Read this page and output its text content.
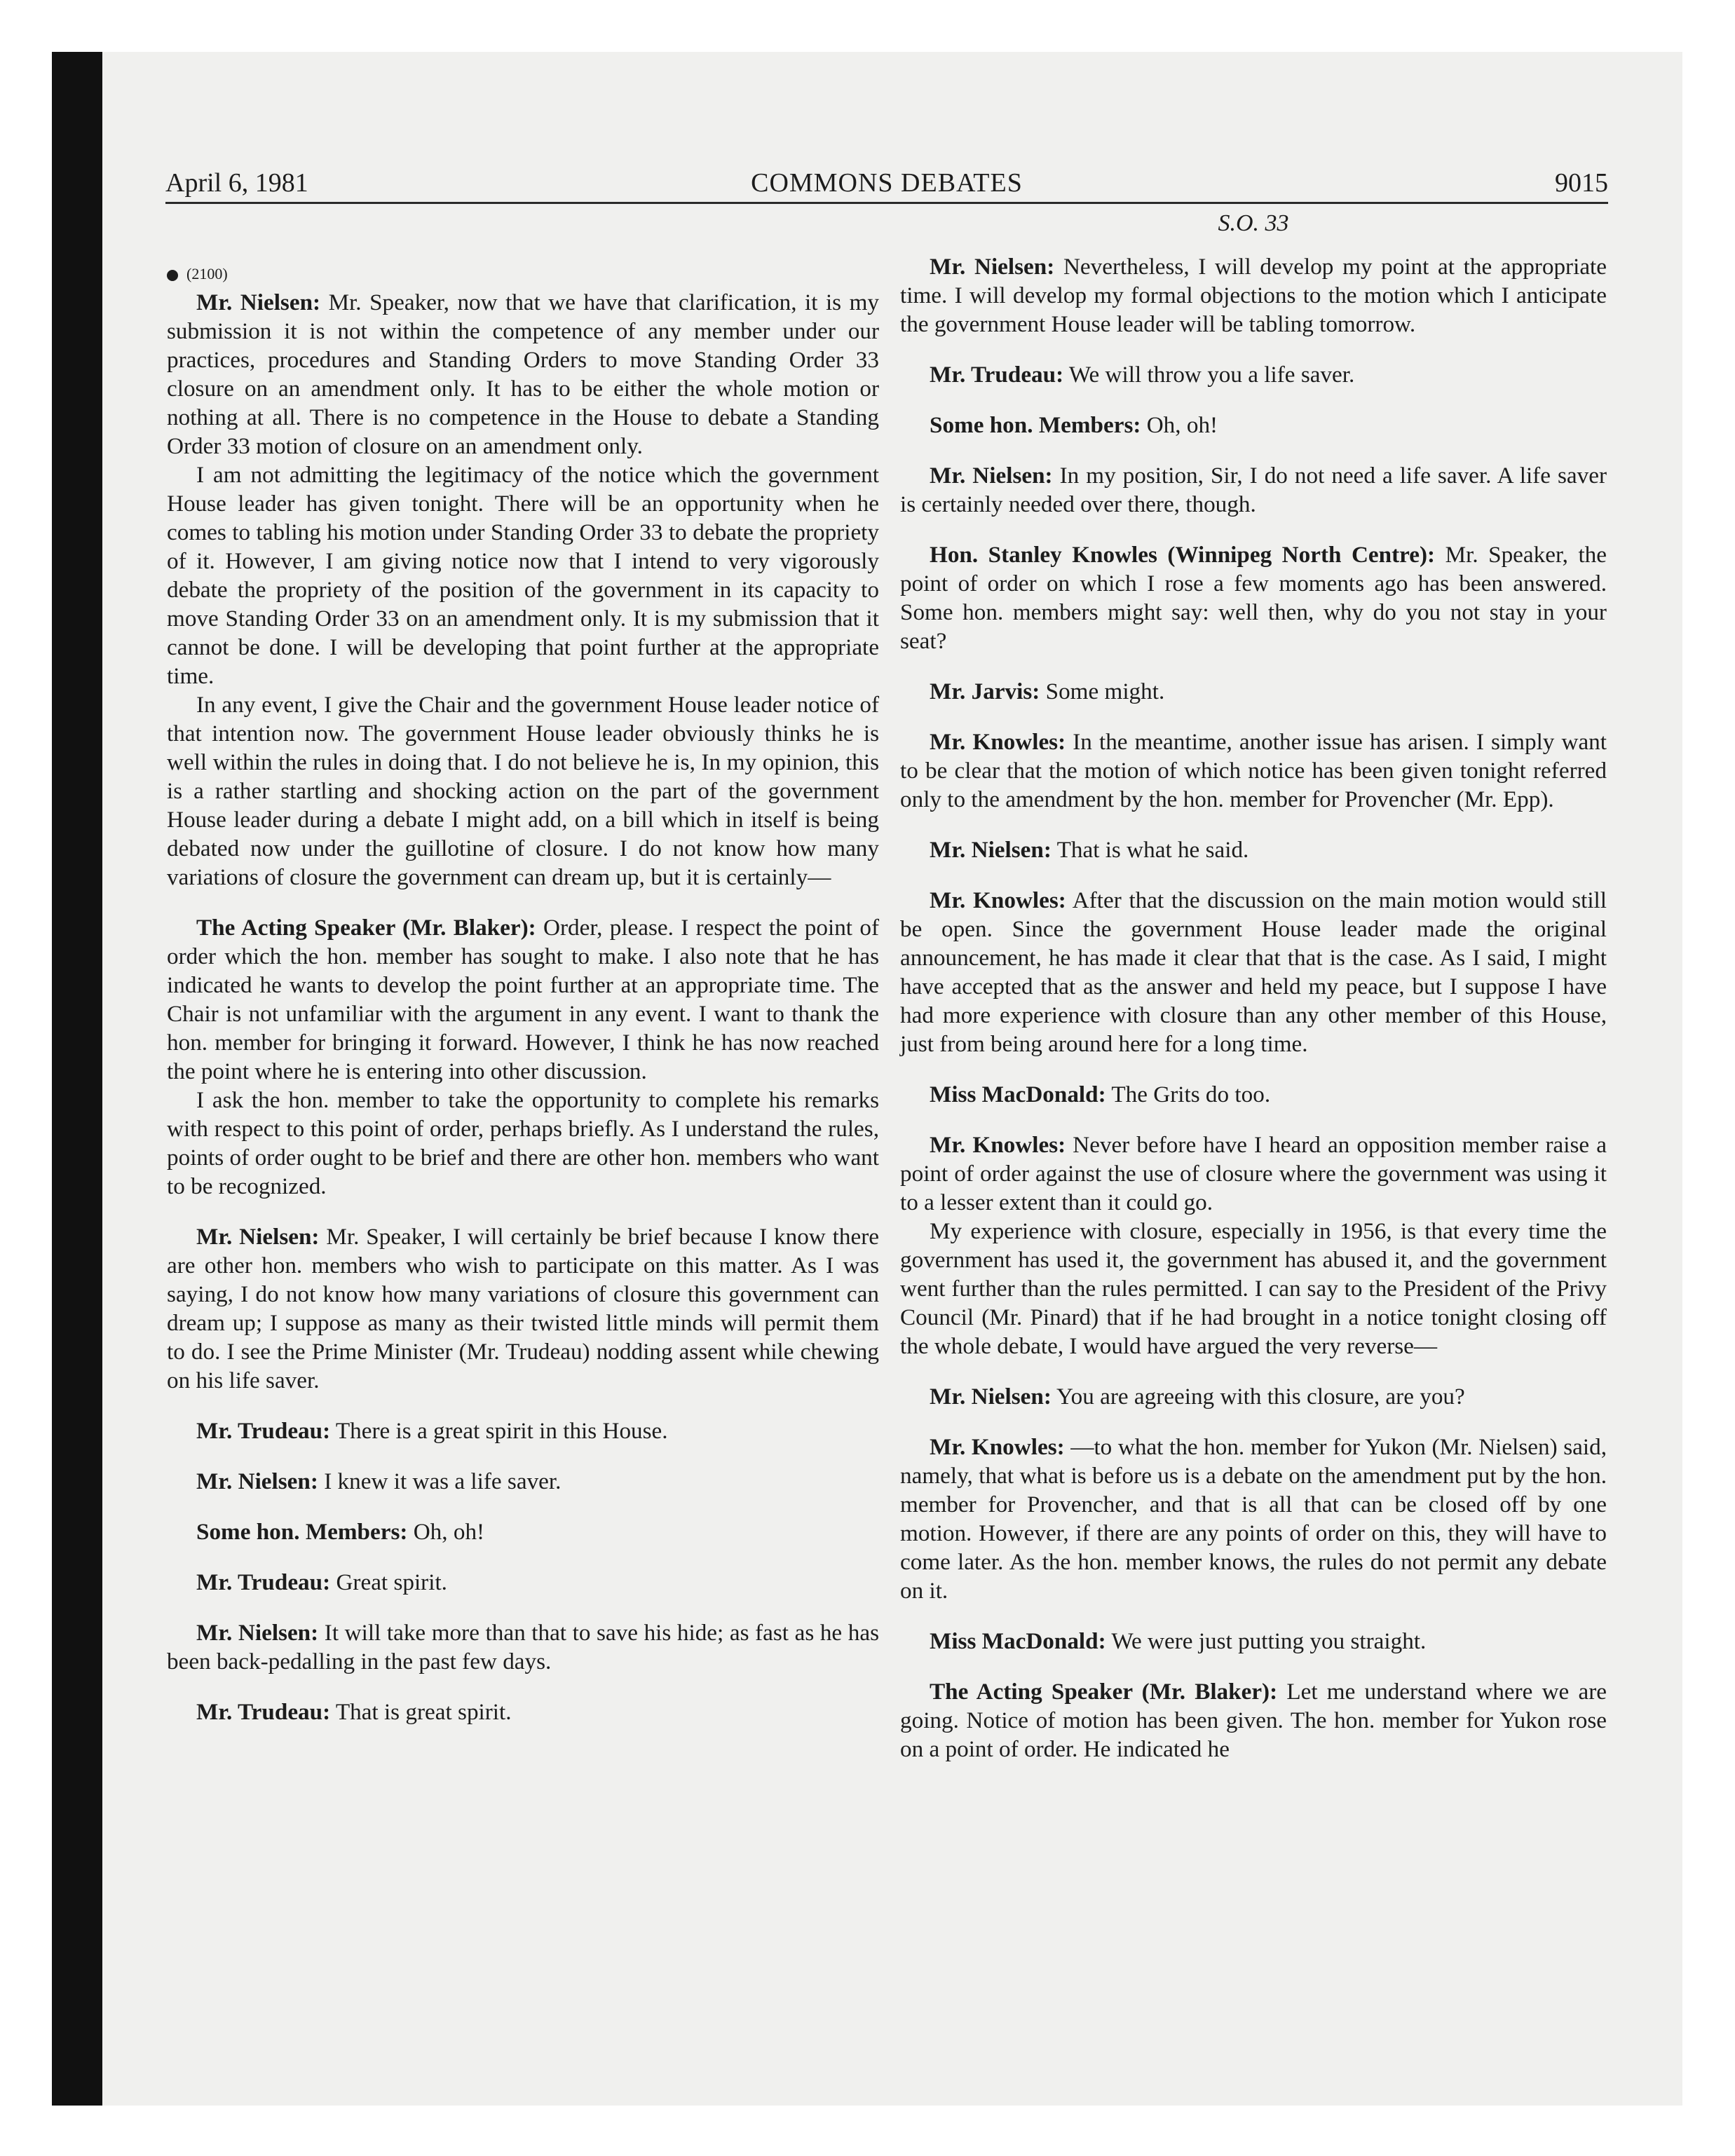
April 6, 1981	COMMONS DEBATES	9015
(2100)

Mr. Nielsen: Mr. Speaker, now that we have that clarification, it is my submission it is not within the competence of any member under our practices, procedures and Standing Orders to move Standing Order 33 closure on an amendment only. It has to be either the whole motion or nothing at all. There is no competence in the House to debate a Standing Order 33 motion of closure on an amendment only.

I am not admitting the legitimacy of the notice which the government House leader has given tonight. There will be an opportunity when he comes to tabling his motion under Standing Order 33 to debate the propriety of it. However, I am giving notice now that I intend to very vigorously debate the propriety of the position of the government in its capacity to move Standing Order 33 on an amendment only. It is my submission that it cannot be done. I will be developing that point further at the appropriate time.

In any event, I give the Chair and the government House leader notice of that intention now. The government House leader obviously thinks he is well within the rules in doing that. I do not believe he is, In my opinion, this is a rather startling and shocking action on the part of the government House leader during a debate I might add, on a bill which in itself is being debated now under the guillotine of closure. I do not know how many variations of closure the government can dream up, but it is certainly—

The Acting Speaker (Mr. Blaker): Order, please. I respect the point of order which the hon. member has sought to make. I also note that he has indicated he wants to develop the point further at an appropriate time. The Chair is not unfamiliar with the argument in any event. I want to thank the hon. member for bringing it forward. However, I think he has now reached the point where he is entering into other discussion.

I ask the hon. member to take the opportunity to complete his remarks with respect to this point of order, perhaps briefly. As I understand the rules, points of order ought to be brief and there are other hon. members who want to be recognized.

Mr. Nielsen: Mr. Speaker, I will certainly be brief because I know there are other hon. members who wish to participate on this matter. As I was saying, I do not know how many variations of closure this government can dream up; I suppose as many as their twisted little minds will permit them to do. I see the Prime Minister (Mr. Trudeau) nodding assent while chewing on his life saver.

Mr. Trudeau: There is a great spirit in this House.

Mr. Nielsen: I knew it was a life saver.

Some hon. Members: Oh, oh!

Mr. Trudeau: Great spirit.

Mr. Nielsen: It will take more than that to save his hide; as fast as he has been back-pedalling in the past few days.

Mr. Trudeau: That is great spirit.

S.O. 33

Mr. Nielsen: Nevertheless, I will develop my point at the appropriate time. I will develop my formal objections to the motion which I anticipate the government House leader will be tabling tomorrow.

Mr. Trudeau: We will throw you a life saver.

Some hon. Members: Oh, oh!

Mr. Nielsen: In my position, Sir, I do not need a life saver. A life saver is certainly needed over there, though.

Hon. Stanley Knowles (Winnipeg North Centre): Mr. Speaker, the point of order on which I rose a few moments ago has been answered. Some hon. members might say: well then, why do you not stay in your seat?

Mr. Jarvis: Some might.

Mr. Knowles: In the meantime, another issue has arisen. I simply want to be clear that the motion of which notice has been given tonight referred only to the amendment by the hon. member for Provencher (Mr. Epp).

Mr. Nielsen: That is what he said.

Mr. Knowles: After that the discussion on the main motion would still be open. Since the government House leader made the original announcement, he has made it clear that that is the case. As I said, I might have accepted that as the answer and held my peace, but I suppose I have had more experience with closure than any other member of this House, just from being around here for a long time.

Miss MacDonald: The Grits do too.

Mr. Knowles: Never before have I heard an opposition member raise a point of order against the use of closure where the government was using it to a lesser extent than it could go.

My experience with closure, especially in 1956, is that every time the government has used it, the government has abused it, and the government went further than the rules permitted. I can say to the President of the Privy Council (Mr. Pinard) that if he had brought in a notice tonight closing off the whole debate, I would have argued the very reverse—

Mr. Nielsen: You are agreeing with this closure, are you?

Mr. Knowles: —to what the hon. member for Yukon (Mr. Nielsen) said, namely, that what is before us is a debate on the amendment put by the hon. member for Provencher, and that is all that can be closed off by one motion. However, if there are any points of order on this, they will have to come later. As the hon. member knows, the rules do not permit any debate on it.

Miss MacDonald: We were just putting you straight.

The Acting Speaker (Mr. Blaker): Let me understand where we are going. Notice of motion has been given. The hon. member for Yukon rose on a point of order. He indicated he
